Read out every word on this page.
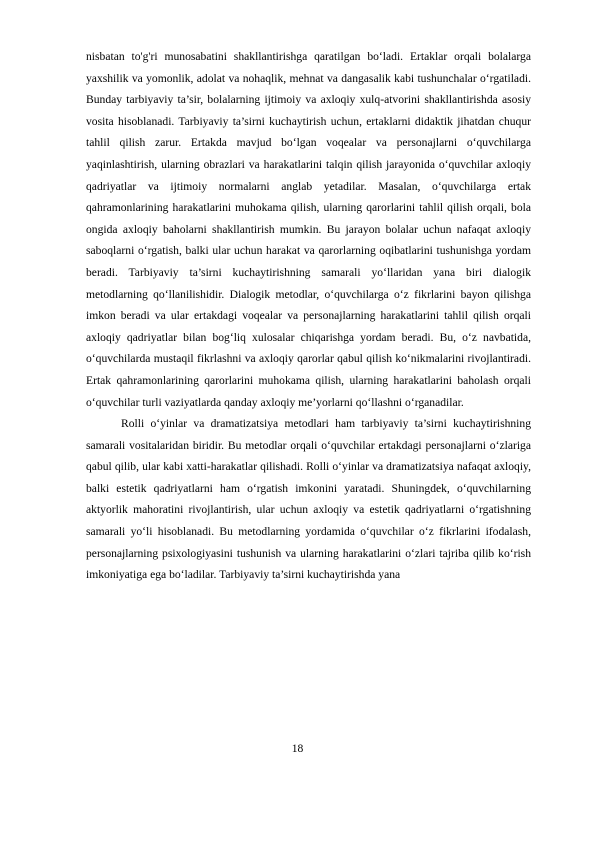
nisbatan to'g'ri munosabatini shakllantirishga qaratilgan bo‘ladi. Ertaklar orqali bolalarga yaxshilik va yomonlik, adolat va nohaqlik, mehnat va dangasalik kabi tushunchalar o‘rgatiladi. Bunday tarbiyaviy ta’sir, bolalarning ijtimoiy va axloqiy xulq-atvorini shakllantirishda asosiy vosita hisoblanadi. Tarbiyaviy ta’sirni kuchaytirish uchun, ertaklarni didaktik jihatdan chuqur tahlil qilish zarur. Ertakda mavjud bo‘lgan voqealar va personajlarni o‘quvchilarga yaqinlashtirish, ularning obrazlari va harakatlarini talqin qilish jarayonida o‘quvchilar axloqiy qadriyatlar va ijtimoiy normalarni anglab yetadilar. Masalan, o‘quvchilarga ertak qahramonlarining harakatlarini muhokama qilish, ularning qarorlarini tahlil qilish orqali, bola ongida axloqiy baholarni shakllantirish mumkin. Bu jarayon bolalar uchun nafaqat axloqiy saboqlarni o‘rgatish, balki ular uchun harakat va qarorlarning oqibatlarini tushunishga yordam beradi. Tarbiyaviy ta’sirni kuchaytirishning samarali yo‘llaridan yana biri dialogik metodlarning qo‘llanilishidir. Dialogik metodlar, o‘quvchilarga o‘z fikrlarini bayon qilishga imkon beradi va ular ertakdagi voqealar va personajlarning harakatlarini tahlil qilish orqali axloqiy qadriyatlar bilan bog‘liq xulosalar chiqarishga yordam beradi. Bu, o‘z navbatida, o‘quvchilarda mustaqil fikrlashni va axloqiy qarorlar qabul qilish ko‘nikmalarini rivojlantiradi. Ertak qahramonlarining qarorlarini muhokama qilish, ularning harakatlarini baholash orqali o‘quvchilar turli vaziyatlarda qanday axloqiy me’yorlarni qo‘llashni o‘rganadilar.

Rolli o‘yinlar va dramatizatsiya metodlari ham tarbiyaviy ta’sirni kuchaytirishning samarali vositalaridan biridir. Bu metodlar orqali o‘quvchilar ertakdagi personajlarni o‘zlariga qabul qilib, ular kabi xatti-harakatlar qilishadi. Rolli o‘yinlar va dramatizatsiya nafaqat axloqiy, balki estetik qadriyatlarni ham o‘rgatish imkonini yaratadi. Shuningdek, o‘quvchilarning aktyorlik mahoratini rivojlantirish, ular uchun axloqiy va estetik qadriyatlarni o‘rgatishning samarali yo‘li hisoblanadi. Bu metodlarning yordamida o‘quvchilar o‘z fikrlarini ifodalash, personajlarning psixologiyasini tushunish va ularning harakatlarini o‘zlari tajriba qilib ko‘rish imkoniyatiga ega bo‘ladilar. Tarbiyaviy ta’sirni kuchaytirishda yana

18
